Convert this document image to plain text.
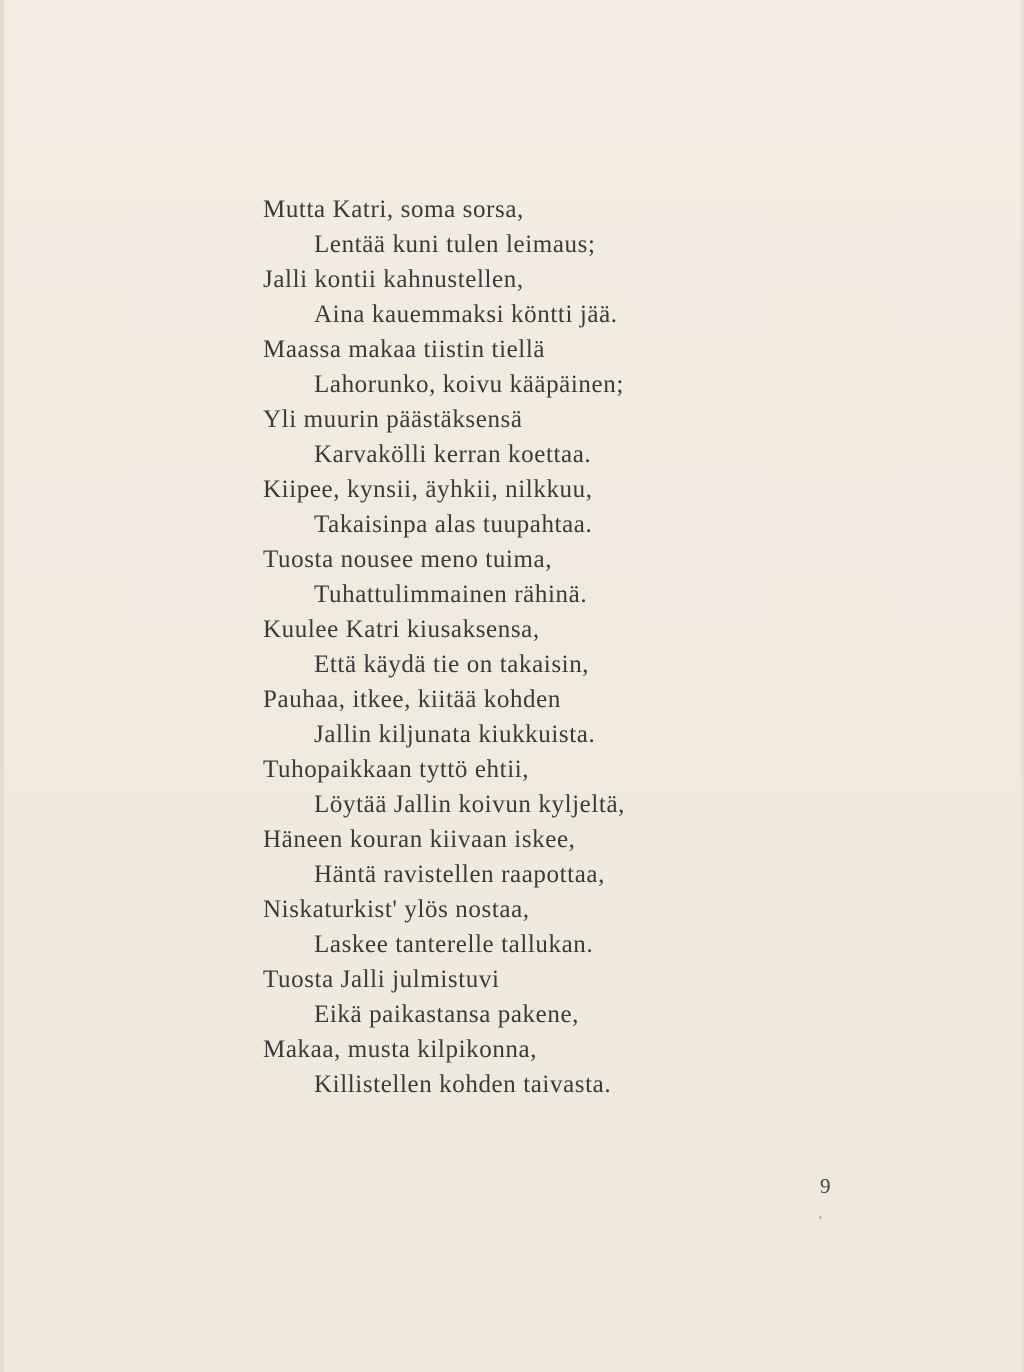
Mutta Katri, soma sorsa,
Lentää kuni tulen leimaus;
Jalli kontii kahnustellen,
Aina kauemmaksi köntti jää.
Maassa makaa tiistin tiellä
Lahorunko, koivu kääpäinen;
Yli muurin päästäksensä
Karvakölli kerran koettaa.
Kiipee, kynsii, äyhkii, nilkkuu,
Takaisinpa alas tuupahtaa.
Tuosta nousee meno tuima,
Tuhattulimmainen rähinä.
Kuulee Katri kiusaksensa,
Että käydä tie on takaisin,
Pauhaa, itkee, kiitää kohden
Jallin kiljunata kiukkuista.
Tuhopaikkaan tyttö ehtii,
Löytää Jallin koivun kyljeltä,
Häneen kouran kiivaan iskee,
Häntä ravistellen raapottaa,
Niskaturkist' ylös nostaa,
Laskee tanterelle tallukan.
Tuosta Jalli julmistuvi
Eikä paikastansa pakene,
Makaa, musta kilpikonna,
Killistellen kohden taivasta.
9
